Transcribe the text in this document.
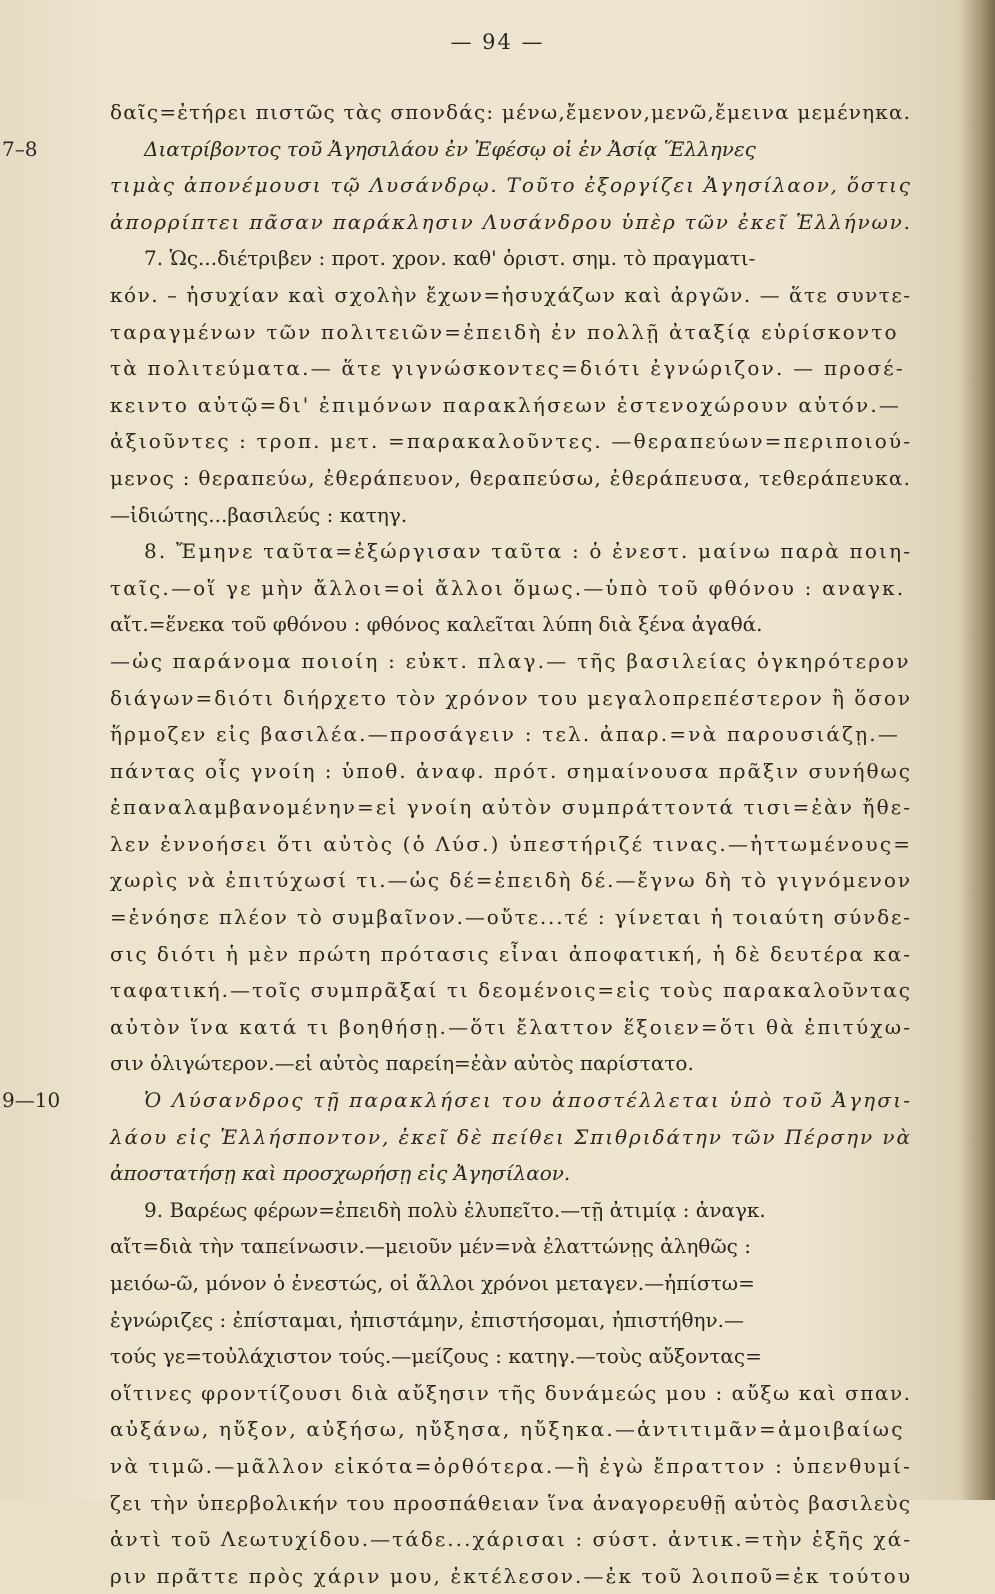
— 94 —
δαῖς=ἐτήρει πιστῶς τὰς σπονδάς: μένω,ἔμενον,μενῶ,ἔμεινα μεμένηκα.
7–8	Διατρίβοντος τοῦ Ἀγησιλάου ἐν Ἐφέσῳ οἱ ἐν Ἀσίᾳ Ἕλληνες
τιμὰς ἀπονέμουσι τῷ Λυσάνδρῳ. Τοῦτο ἐξοργίζει Ἀγησίλαον, ὅστις
ἀπορρίπτει πᾶσαν παράκλησιν Λυσάνδρου ὑπὲρ τῶν ἐκεῖ Ἑλλήνων.
7. Ὡς...διέτριβεν : προτ. χρον. καθ' ὁριστ. σημ. τὸ πραγματι-
κόν. – ἡσυχίαν καὶ σχολὴν ἔχων=ἡσυχάζων καὶ ἀργῶν. — ἅτε συντε-
ταραγμένων τῶν πολιτειῶν=ἐπειδὴ ἐν πολλῇ ἀταξίᾳ εὑρίσκοντο
τὰ πολιτεύματα.— ἅτε γιγνώσκοντες=διότι ἐγνώριζον. — προσέ-
κειντο αὐτῷ=δι' ἐπιμόνων παρακλήσεων ἐστενοχώρουν αὐτόν.—
ἀξιοῦντες : τροπ. μετ. =παρακαλοῦντες. —θεραπεύων=περιποιού-
μενος : θεραπεύω, ἐθεράπευον, θεραπεύσω, ἐθεράπευσα, τεθεράπευκα.
—ἰδιώτης...βασιλεύς : κατηγ.
8. Ἔμηνε ταῦτα=ἐξώργισαν ταῦτα : ὁ ἐνεστ. μαίνω παρὰ ποιη-
ταῖς.—οἵ γε μὴν ἄλλοι=οἱ ἄλλοι ὅμως.—ὑπὸ τοῦ φθόνου : αναγκ.
αἴτ.=ἕνεκα τοῦ φθόνου : φθόνος καλεῖται λύπη διὰ ξένα ἀγαθά.
—ὡς παράνομα ποιοίη : εὐκτ. πλαγ.— τῆς βασιλείας ὀγκηρότερον
διάγων=διότι διήρχετο τὸν χρόνον του μεγαλοπρεπέστερον ἢ ὅσον
ἥρμοζεν εἰς βασιλέα.—προσάγειν : τελ. ἀπαρ.=νὰ παρουσιάζῃ.—
πάντας οἷς γνοίη : ὑποθ. ἀναφ. πρότ. σημαίνουσα πρᾶξιν συνήθως
ἐπαναλαμβανομένην=εἰ γνοίη αὐτὸν συμπράττοντά τισι=ἐὰν ἤθε-
λεν ἐννοήσει ὅτι αὐτὸς (ὁ Λύσ.) ὑπεστήριζέ τινας.—ἡττωμένους=
χωρὶς νὰ ἐπιτύχωσί τι.—ὡς δέ=ἐπειδὴ δέ.—ἔγνω δὴ τὸ γιγνόμενον
=ἐνόησε πλέον τὸ συμβαῖνον.—οὔτε...τέ : γίνεται ἡ τοιαύτη σύνδε-
σις διότι ἡ μὲν πρώτη πρότασις εἶναι ἀποφατική, ἡ δὲ δευτέρα κα-
ταφατική.—τοῖς συμπρᾶξαί τι δεομένοις=εἰς τοὺς παρακαλοῦντας
αὐτὸν ἵνα κατά τι βοηθήσῃ.—ὅτι ἔλαττον ἕξοιεν=ὅτι θὰ ἐπιτύχω-
σιν ὀλιγώτερον.—εἰ αὐτὸς παρείη=ἐὰν αὐτὸς παρίστατο.
9—10	Ὁ Λύσανδρος τῇ παρακλήσει του ἀποστέλλεται ὑπὸ τοῦ Ἀγησι-
λάου εἰς Ἑλλήσποντον, ἐκεῖ δὲ πείθει Σπιθριδάτην τῶν Πέρσην νὰ
ἀποστατήσῃ καὶ προσχωρήσῃ εἰς Ἀγησίλαον.
9. Βαρέως φέρων=ἐπειδὴ πολὺ ἐλυπεῖτο.—τῇ ἀτιμίᾳ : ἀναγκ.
αἴτ=διὰ τὴν ταπείνωσιν.—μειοῦν μέν=νὰ ἐλαττώνῃς ἀληθῶς :
μειόω-ῶ, μόνον ὁ ἐνεστώς, οἱ ἄλλοι χρόνοι μεταγεν.—ἠπίστω=
ἐγνώριζες : ἐπίσταμαι, ἠπιστάμην, ἐπιστήσομαι, ἠπιστήθην.—
τούς γε=τοὐλάχιστον τούς.—μείζους : κατηγ.—τοὺς αὔξοντας=
οἵτινες φροντίζουσι διὰ αὔξησιν τῆς δυνάμεώς μου : αὔξω καὶ σπαν.
αὐξάνω, ηὔξον, αὐξήσω, ηὔξησα, ηὔξηκα.—ἀντιτιμᾶν=ἀμοιβαίως
νὰ τιμῶ.—μᾶλλον εἰκότα=ὀρθότερα.—ἢ ἐγὼ ἔπραττον : ὑπενθυμί-
ζει τὴν ὑπερβολικήν του προσπάθειαν ἵνα ἀναγορευθῇ αὐτὸς βασιλεὺς
ἀντὶ τοῦ Λεωτυχίδου.—τάδε...χάρισαι : σύστ. ἀντικ.=τὴν ἑξῆς χά-
ριν πρᾶττε πρὸς χάριν μου, ἐκτέλεσον.—ἐκ τοῦ λοιποῦ=ἐκ τούτου
